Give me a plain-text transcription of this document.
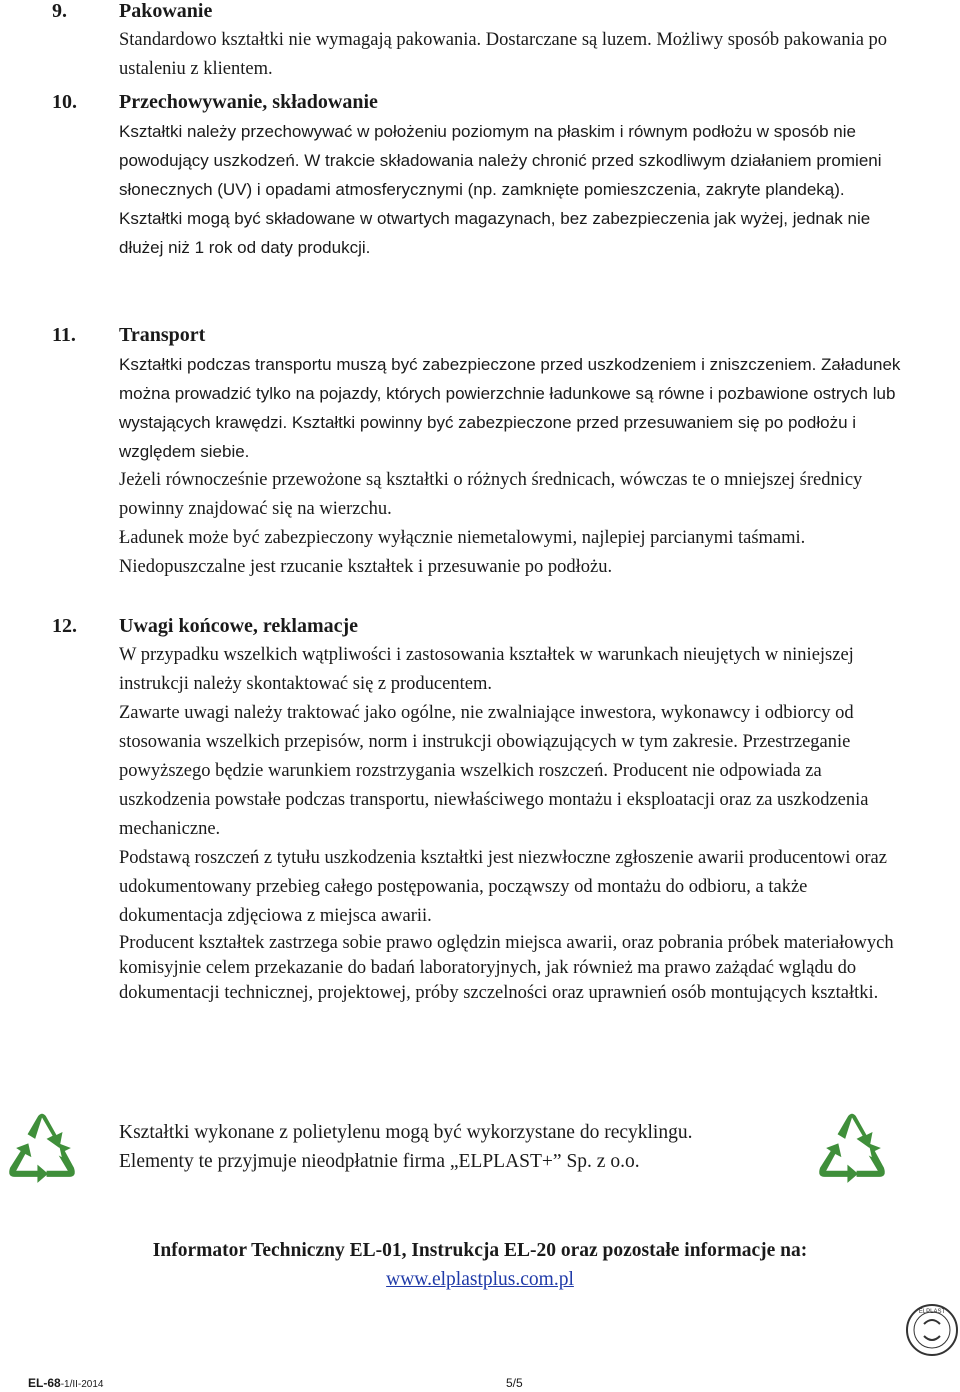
9.	Pakowanie

Standardowo kształtki nie wymagają pakowania. Dostarczane są luzem. Możliwy sposób pakowania po ustaleniu z klientem.

10. Przechowywanie, składowanie

Kształtki należy przechowywać w położeniu poziomym na płaskim i równym podłożu w sposób nie powodujący uszkodzeń. W trakcie składowania należy chronić przed szkodliwym działaniem promieni słonecznych (UV) i opadami atmosferycznymi (np. zamknięte pomieszczenia, zakryte plandeką). Kształtki mogą być składowane w otwartych magazynach, bez zabezpieczenia jak wyżej, jednak nie dłużej niż 1 rok od daty produkcji.

11. Transport

Kształtki podczas transportu muszą być zabezpieczone przed uszkodzeniem i zniszczeniem. Załadunek można prowadzić tylko na pojazdy, których powierzchnie ładunkowe są równe i pozbawione ostrych lub wystających krawędzi. Kształtki powinny być zabezpieczone przed przesuwaniem się po podłożu i względem siebie.

Jeżeli równocześnie przewożone są kształtki o różnych średnicach, wówczas te o mniejszej średnicy powinny znajdować się na wierzchu.

Ładunek może być zabezpieczony wyłącznie niemetalowymi, najlepiej parcianymi taśmami. Niedopuszczalne jest rzucanie kształtek i przesuwanie po podłożu.

12. Uwagi końcowe, reklamacje

W przypadku wszelkich wątpliwości i zastosowania kształtek w warunkach nieujętych w niniejszej instrukcji należy skontaktować się z producentem.

Zawarte uwagi należy traktować jako ogólne, nie zwalniające inwestora, wykonawcy i odbiorcy od stosowania wszelkich przepisów, norm i instrukcji obowiązujących w tym zakresie. Przestrzeganie powyższego będzie warunkiem rozstrzygania wszelkich roszczeń. Producent nie odpowiada za uszkodzenia powstałe podczas transportu, niewłaściwego montażu i eksploatacji oraz za uszkodzenia mechaniczne.

Podstawą roszczeń z tytułu uszkodzenia kształtki jest niezwłoczne zgłoszenie awarii producentowi oraz udokumentowany przebieg całego postępowania, począwszy od montażu do odbioru, a także dokumentacja zdjęciowa z miejsca awarii.

Producent kształtek zastrzega sobie prawo oględzin miejsca awarii, oraz pobrania próbek materiałowych komisyjnie celem przekazanie do badań laboratoryjnych, jak również ma prawo zażądać wglądu do dokumentacji technicznej, projektowej, próby szczelności oraz uprawnień osób montujących kształtki.

Kształtki wykonane z polietylenu mogą być wykorzystane do recyklingu.
Elementy te przyjmuje nieodpłatnie firma „ELPLAST+” Sp. z o.o.
Informator Techniczny EL-01, Instrukcja EL-20 oraz pozostałe informacje na:
www.elplastplus.com.pl
ELPLAST
EL-68-1/II-2014	5/5
